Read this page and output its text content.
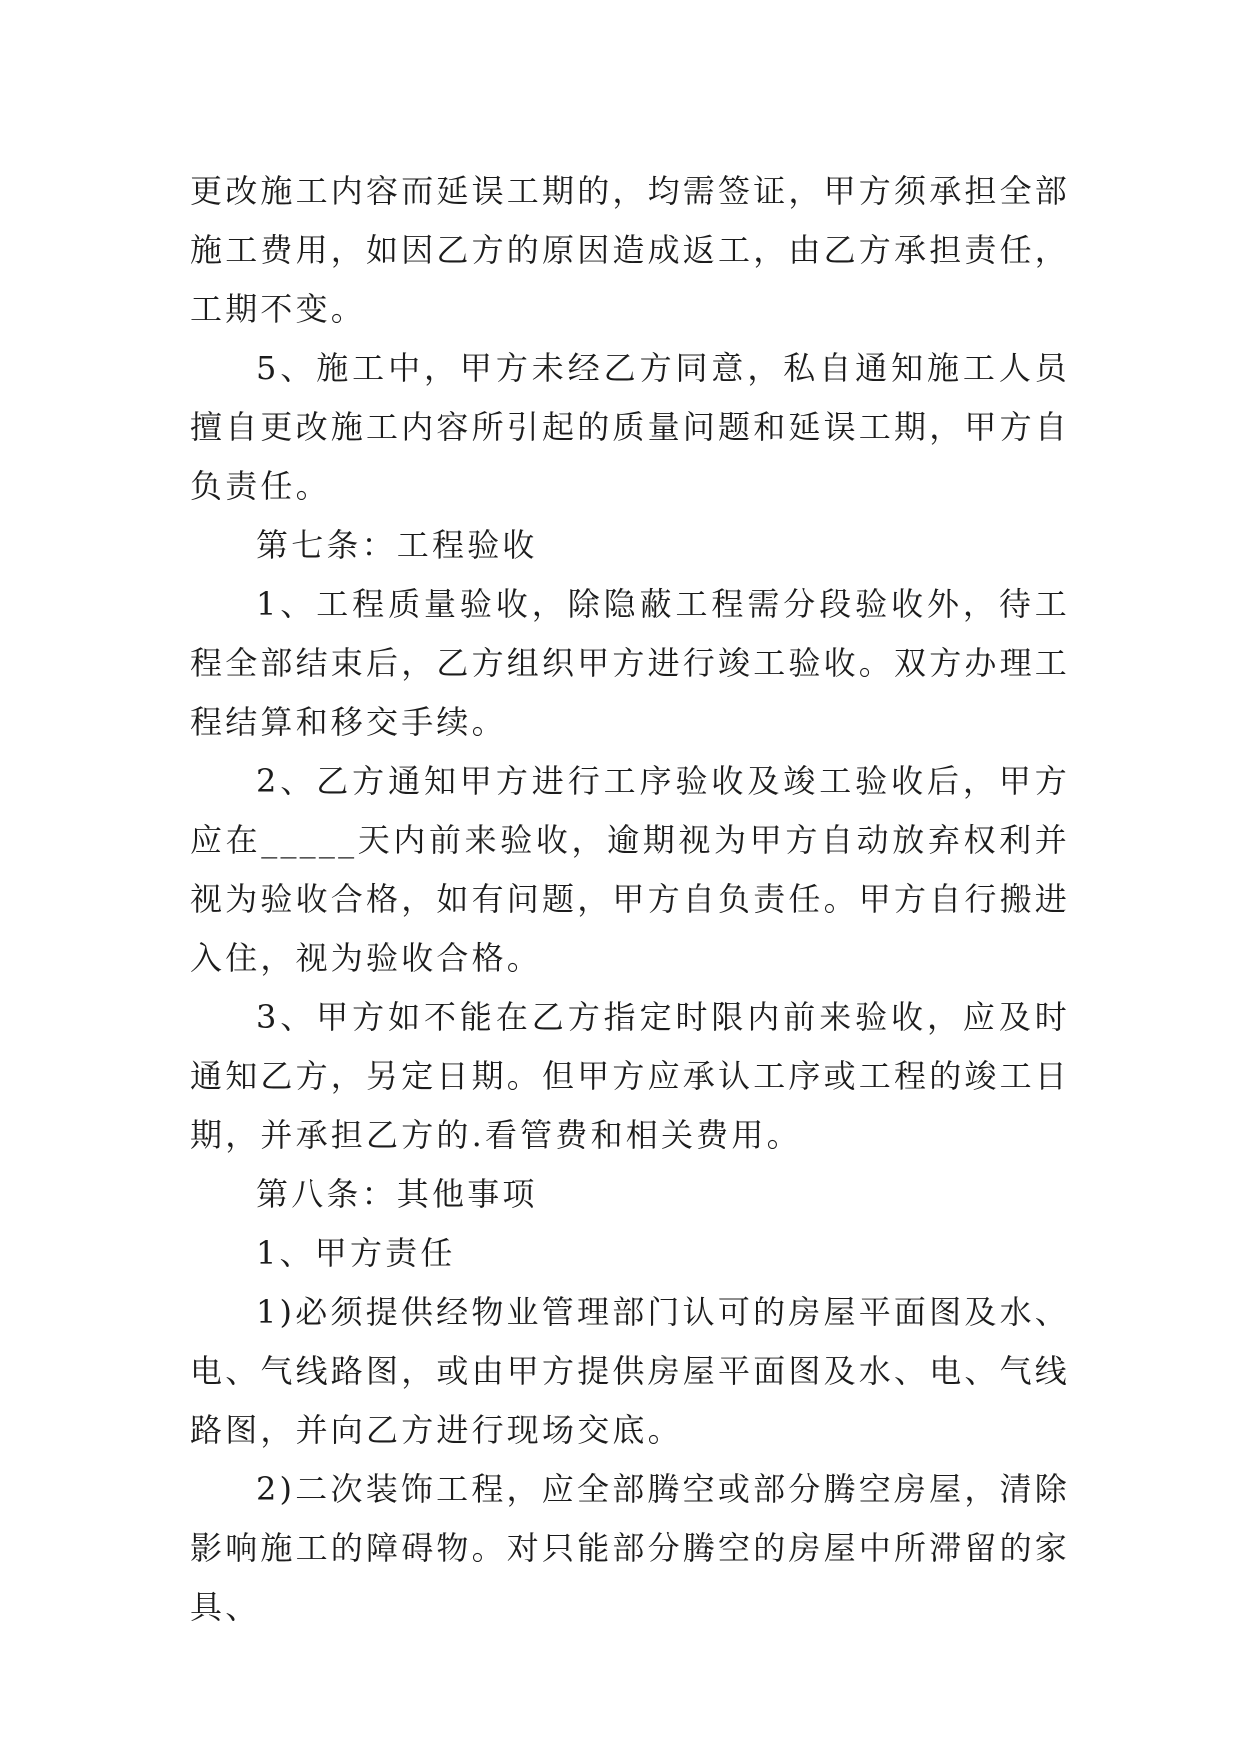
更改施工内容而延误工期的，均需签证，甲方须承担全部施工费用，如因乙方的原因造成返工，由乙方承担责任，工期不变。

5、施工中，甲方未经乙方同意，私自通知施工人员擅自更改施工内容所引起的质量问题和延误工期，甲方自负责任。

第七条：工程验收

1、工程质量验收，除隐蔽工程需分段验收外，待工程全部结束后，乙方组织甲方进行竣工验收。双方办理工程结算和移交手续。

2、乙方通知甲方进行工序验收及竣工验收后，甲方应在_____天内前来验收，逾期视为甲方自动放弃权利并视为验收合格，如有问题，甲方自负责任。甲方自行搬进入住，视为验收合格。

3、甲方如不能在乙方指定时限内前来验收，应及时通知乙方，另定日期。但甲方应承认工序或工程的竣工日期，并承担乙方的.看管费和相关费用。

第八条：其他事项

1、甲方责任

1)必须提供经物业管理部门认可的房屋平面图及水、电、气线路图，或由甲方提供房屋平面图及水、电、气线路图，并向乙方进行现场交底。

2)二次装饰工程，应全部腾空或部分腾空房屋，清除影响施工的障碍物。对只能部分腾空的房屋中所滞留的家具、
